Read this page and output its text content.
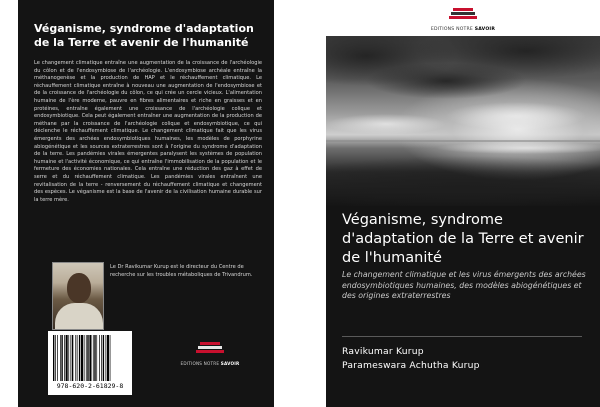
Véganisme, syndrome d'adaptation de la Terre et avenir de l'humanité
Le changement climatique entraîne une augmentation de la croissance de l'archéologie du côlon et de l'endosymbiose de l'archéologie. L'endosymbiose archéale entraîne la méthanogenèse et la production de HAP et le réchauffement climatique. Le réchauffement climatique entraîne à nouveau une augmentation de l'endosymbiose et de la croissance de l'archéologie du côlon, ce qui crée un cercle vicieux. L'alimentation humaine de l'ère moderne, pauvre en fibres alimentaires et riche en graisses et en protéines, entraîne également une croissance de l'archéologie colique et endosymbiotique. Cela peut également entraîner une augmentation de la production de méthane par la croissance de l'archéologie colique et endosymbiotique, ce qui déclenche le réchauffement climatique. Le changement climatique fait que les virus émergents des archées endosymbiotiques humaines, les modèles de porphyrine abiogénétique et les sources extraterrestres sont à l'origine du syndrome d'adaptation de la terre. Les pandémies virales émergentes paralysent les systèmes de population humaine et l'activité économique, ce qui entraîne l'immobilisation de la population et le fermeture des économies nationales. Cela entraîne une réduction des gaz à effet de serre et du réchauffement climatique. Les pandémies virales entraînent une revitalisation de la terre - renversement du réchauffement climatique et changement des espèces. Le véganisme est la base de l'avenir de la civilisation humaine durable sur la terre mère.
Le Dr Ravikumar Kurup est le directeur du Centre de recherche sur les troubles métaboliques de Trivandrum.
978-620-2-61829-8
EDITIONS NOTRE SAVOIR
EDITIONS NOTRE SAVOIR
Véganisme, syndrome d'adaptation de la Terre et avenir de l'humanité
Le changement climatique et les virus émergents des archées endosymbiotiques humaines, des modèles abiogénétiques et des origines extraterrestres
Ravikumar Kurup
Parameswara Achutha Kurup
